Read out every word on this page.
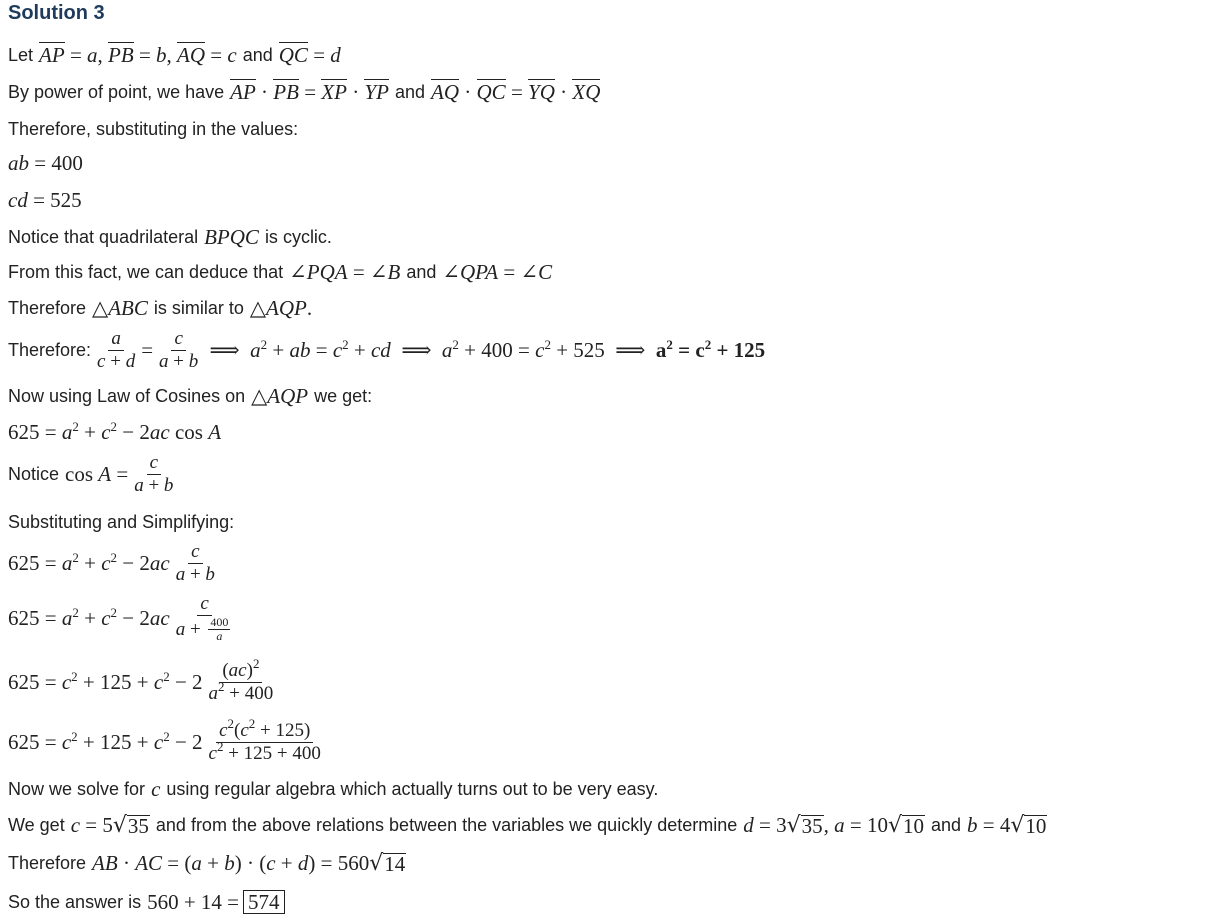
Solution 3
Let AP = a, PB = b, AQ = c and QC = d
By power of point, we have AP · PB = XP · YP and AQ · QC = YQ · XQ
Therefore, substituting in the values:
ab = 400
cd = 525
Notice that quadrilateral BPQC is cyclic.
From this fact, we can deduce that ∠PQA = ∠B and ∠QPA = ∠C
Therefore △ABC is similar to △AQP.
Therefore: $\frac{a}{c + d} = \frac{c}{a + b}$ ⟹  $a^2$ + ab = $c^2$ + cd  ⟹  $a^2 + 400 = c^2 + 525$  ⟹  $a^2 = c^2 + 125$
Now using Law of Cosines on △AQP we get:
$625 = a^2 + c^2 - 2ac$ cos A
Notice $\cos A = \frac{c}{a + b}$
Substituting and Simplifying:
$625 = a^2 + c^2 - 2ac \frac{c}{a + b}$
$625 = a^2 + c^2 - 2ac \frac{c}{a + \frac{400}{a}}$
$625 = c^2 + 125 + c^2 - 2 \frac{(ac)^2}{a^2 + 400}$
$625 = c^2 + 125 + c^2 - 2 \frac{c^2(c^2 + 125)}{c^2 + 125 + 400}$
Now we solve for c using regular algebra which actually turns out to be very easy.
We get c = 5 √ 35 and from the above relations between the variables we quickly determine d = 3 √ 35 , a = 10 √ 10 and b = 4 √ 10
Therefore AB · AC = (a + b) · (c + d) = 560 √ 14
So the answer is 560 + 14 = 574
